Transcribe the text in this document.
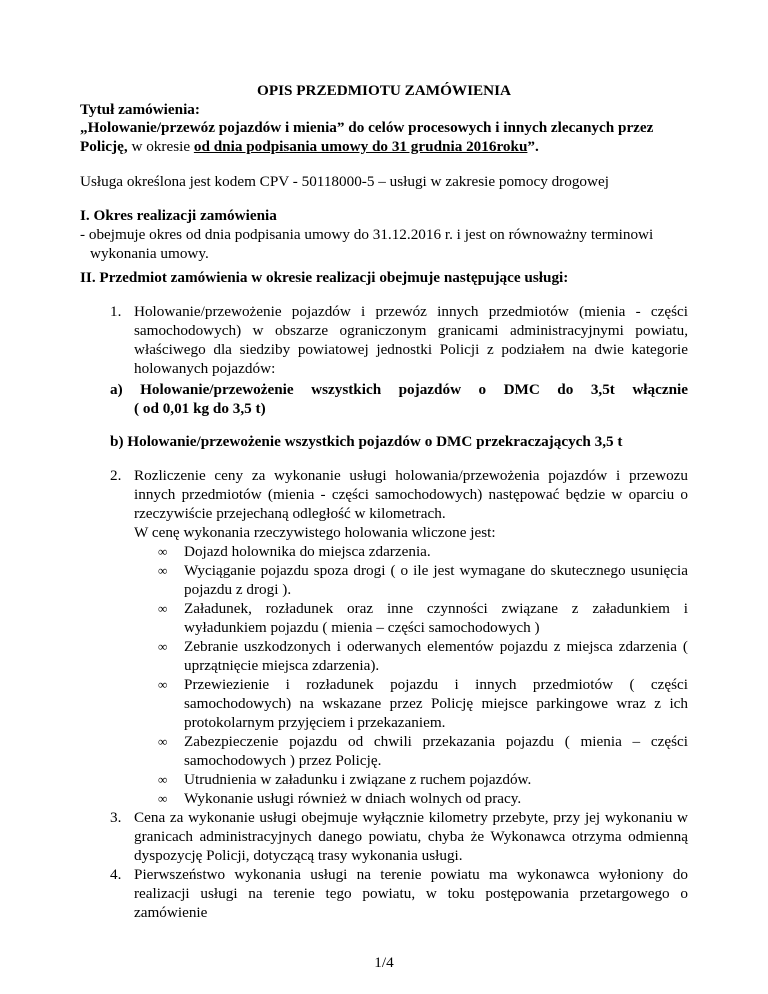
OPIS PRZEDMIOTU ZAMÓWIENIA
Tytuł zamówienia:
„Holowanie/przewóz pojazdów i mienia” do celów procesowych i innych zlecanych przez Policję, w okresie od dnia podpisania umowy do 31 grudnia 2016roku”.
Usługa określona jest kodem CPV - 50118000-5 – usługi w zakresie pomocy drogowej
I. Okres realizacji zamówienia
- obejmuje okres od dnia podpisania umowy do 31.12.2016 r. i jest on równoważny terminowi
wykonania umowy.
II. Przedmiot zamówienia w okresie realizacji obejmuje następujące usługi:
1. Holowanie/przewożenie pojazdów i przewóz innych przedmiotów (mienia - części samochodowych) w obszarze ograniczonym granicami administracyjnymi powiatu, właściwego dla siedziby powiatowej jednostki Policji z podziałem na dwie kategorie holowanych pojazdów:
a) Holowanie/przewożenie wszystkich pojazdów o DMC do 3,5t włącznie
( od 0,01 kg do 3,5 t)
b) Holowanie/przewożenie wszystkich pojazdów o DMC przekraczających 3,5 t
2. Rozliczenie ceny za wykonanie usługi holowania/przewożenia pojazdów i przewozu innych przedmiotów (mienia - części samochodowych) następować będzie w oparciu o rzeczywiście przejechaną odległość w kilometrach.
W cenę wykonania rzeczywistego holowania wliczone jest:
∞ Dojazd holownika do miejsca zdarzenia.
∞ Wyciąganie pojazdu spoza drogi ( o ile jest wymagane do skutecznego usunięcia pojazdu z drogi ).
∞ Załadunek, rozładunek oraz inne czynności związane z załadunkiem i wyładunkiem pojazdu ( mienia – części samochodowych )
∞ Zebranie uszkodzonych i oderwanych elementów pojazdu z miejsca zdarzenia ( uprzątnięcie miejsca zdarzenia).
∞ Przewiezienie i rozładunek pojazdu i innych przedmiotów ( części samochodowych) na wskazane przez Policję miejsce parkingowe wraz z ich protokolarnym przyjęciem i przekazaniem.
∞ Zabezpieczenie pojazdu od chwili przekazania pojazdu ( mienia – części samochodowych ) przez Policję.
∞ Utrudnienia w załadunku i związane z ruchem pojazdów.
∞ Wykonanie usługi również w dniach wolnych od pracy.
3. Cena za wykonanie usługi obejmuje wyłącznie kilometry przebyte, przy jej wykonaniu w granicach administracyjnych danego powiatu, chyba że Wykonawca otrzyma odmienną dyspozycję Policji, dotyczącą trasy wykonania usługi.
4. Pierwszeństwo wykonania usługi na terenie powiatu ma wykonawca wyłoniony do realizacji usługi na terenie tego powiatu, w toku postępowania przetargowego o zamówienie
1/4
